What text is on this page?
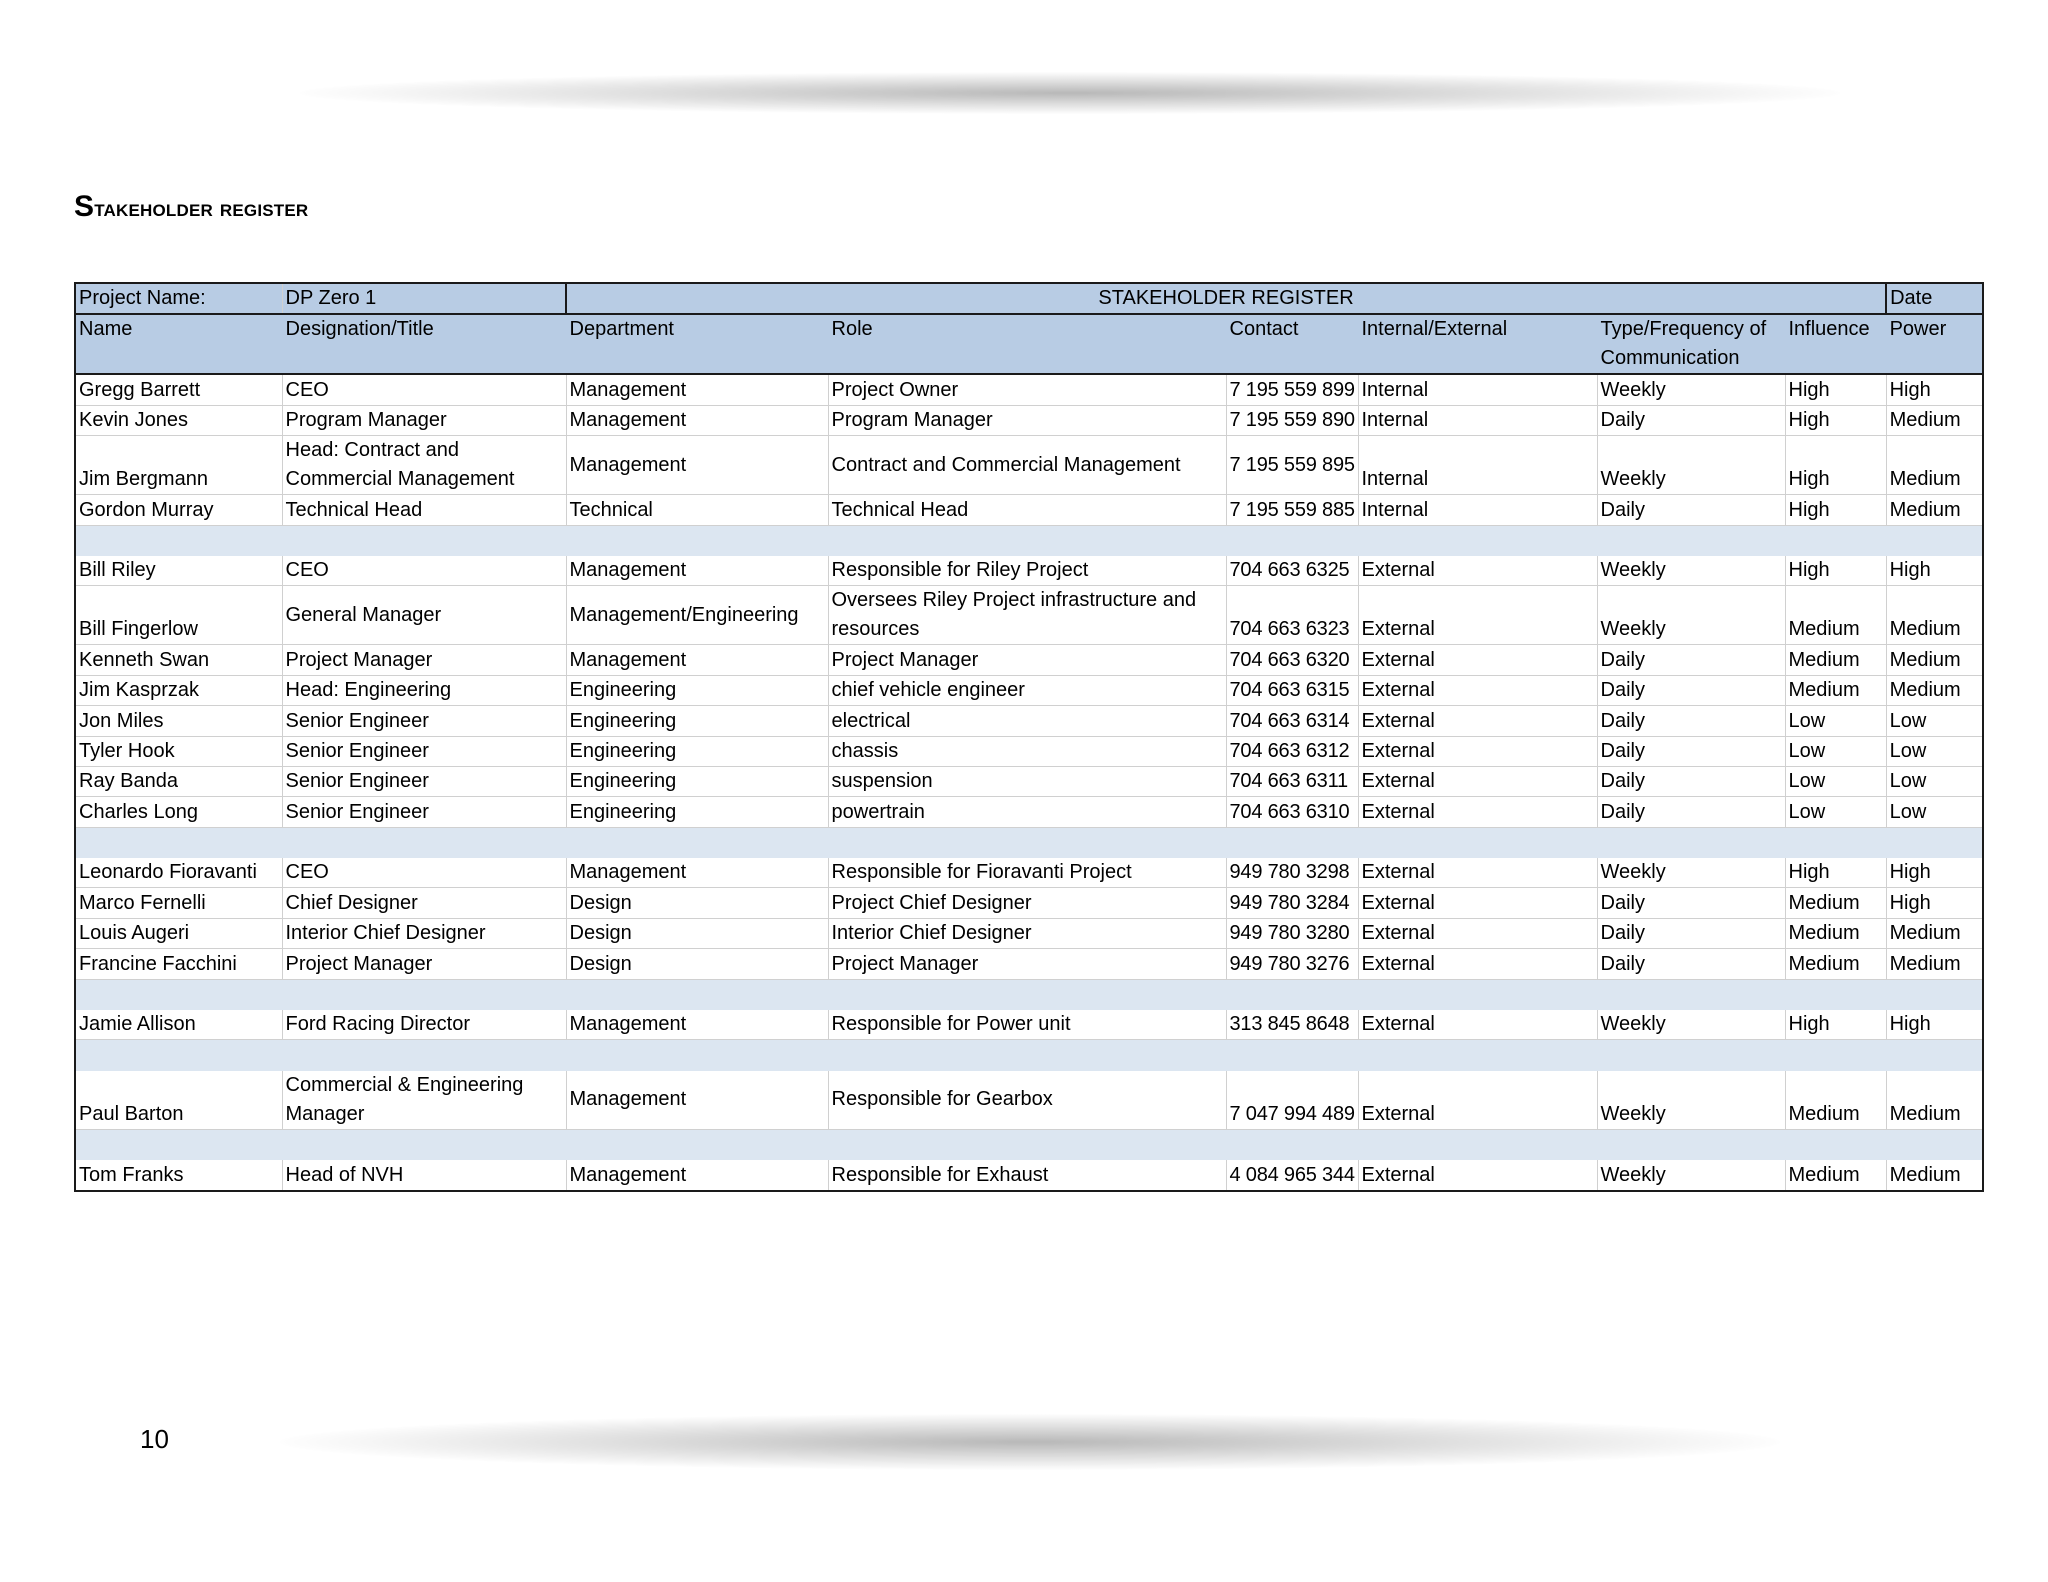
Stakeholder register
Project Name:	DP Zero 1	STAKEHOLDER REGISTER						Date
Name	Designation/Title	Department	Role	Contact	Internal/External	Type/Frequency of Communication	Influence	Power
Gregg Barrett	CEO	Management	Project Owner	7 195 559 899	Internal	Weekly	High	High
Kevin Jones	Program Manager	Management	Program Manager	7 195 559 890	Internal	Daily	High	Medium
Jim Bergmann	Head: Contract and Commercial Management	Management	Contract and Commercial Management	7 195 559 895	Internal	Weekly	High	Medium
Gordon Murray	Technical Head	Technical	Technical Head	7 195 559 885	Internal	Daily	High	Medium

Bill Riley	CEO	Management	Responsible for Riley Project	704 663 6325	External	Weekly	High	High
Bill Fingerlow	General Manager	Management/Engineering	Oversees Riley Project infrastructure and resources	704 663 6323	External	Weekly	Medium	Medium
Kenneth Swan	Project Manager	Management	Project Manager	704 663 6320	External	Daily	Medium	Medium
Jim Kasprzak	Head: Engineering	Engineering	chief vehicle engineer	704 663 6315	External	Daily	Medium	Medium
Jon Miles	Senior Engineer	Engineering	electrical	704 663 6314	External	Daily	Low	Low
Tyler Hook	Senior Engineer	Engineering	chassis	704 663 6312	External	Daily	Low	Low
Ray Banda	Senior Engineer	Engineering	suspension	704 663 6311	External	Daily	Low	Low
Charles Long	Senior Engineer	Engineering	powertrain	704 663 6310	External	Daily	Low	Low

Leonardo Fioravanti	CEO	Management	Responsible for Fioravanti Project	949 780 3298	External	Weekly	High	High
Marco Fernelli	Chief Designer	Design	Project Chief Designer	949 780 3284	External	Daily	Medium	High
Louis Augeri	Interior Chief Designer	Design	Interior Chief Designer	949 780 3280	External	Daily	Medium	Medium
Francine Facchini	Project Manager	Design	Project Manager	949 780 3276	External	Daily	Medium	Medium

Jamie Allison	Ford Racing Director	Management	Responsible for Power unit	313 845 8648	External	Weekly	High	High

Paul Barton	Commercial & Engineering Manager	Management	Responsible for Gearbox	7 047 994 489	External	Weekly	Medium	Medium

Tom Franks	Head of NVH	Management	Responsible for Exhaust	4 084 965 344	External	Weekly	Medium	Medium
10
